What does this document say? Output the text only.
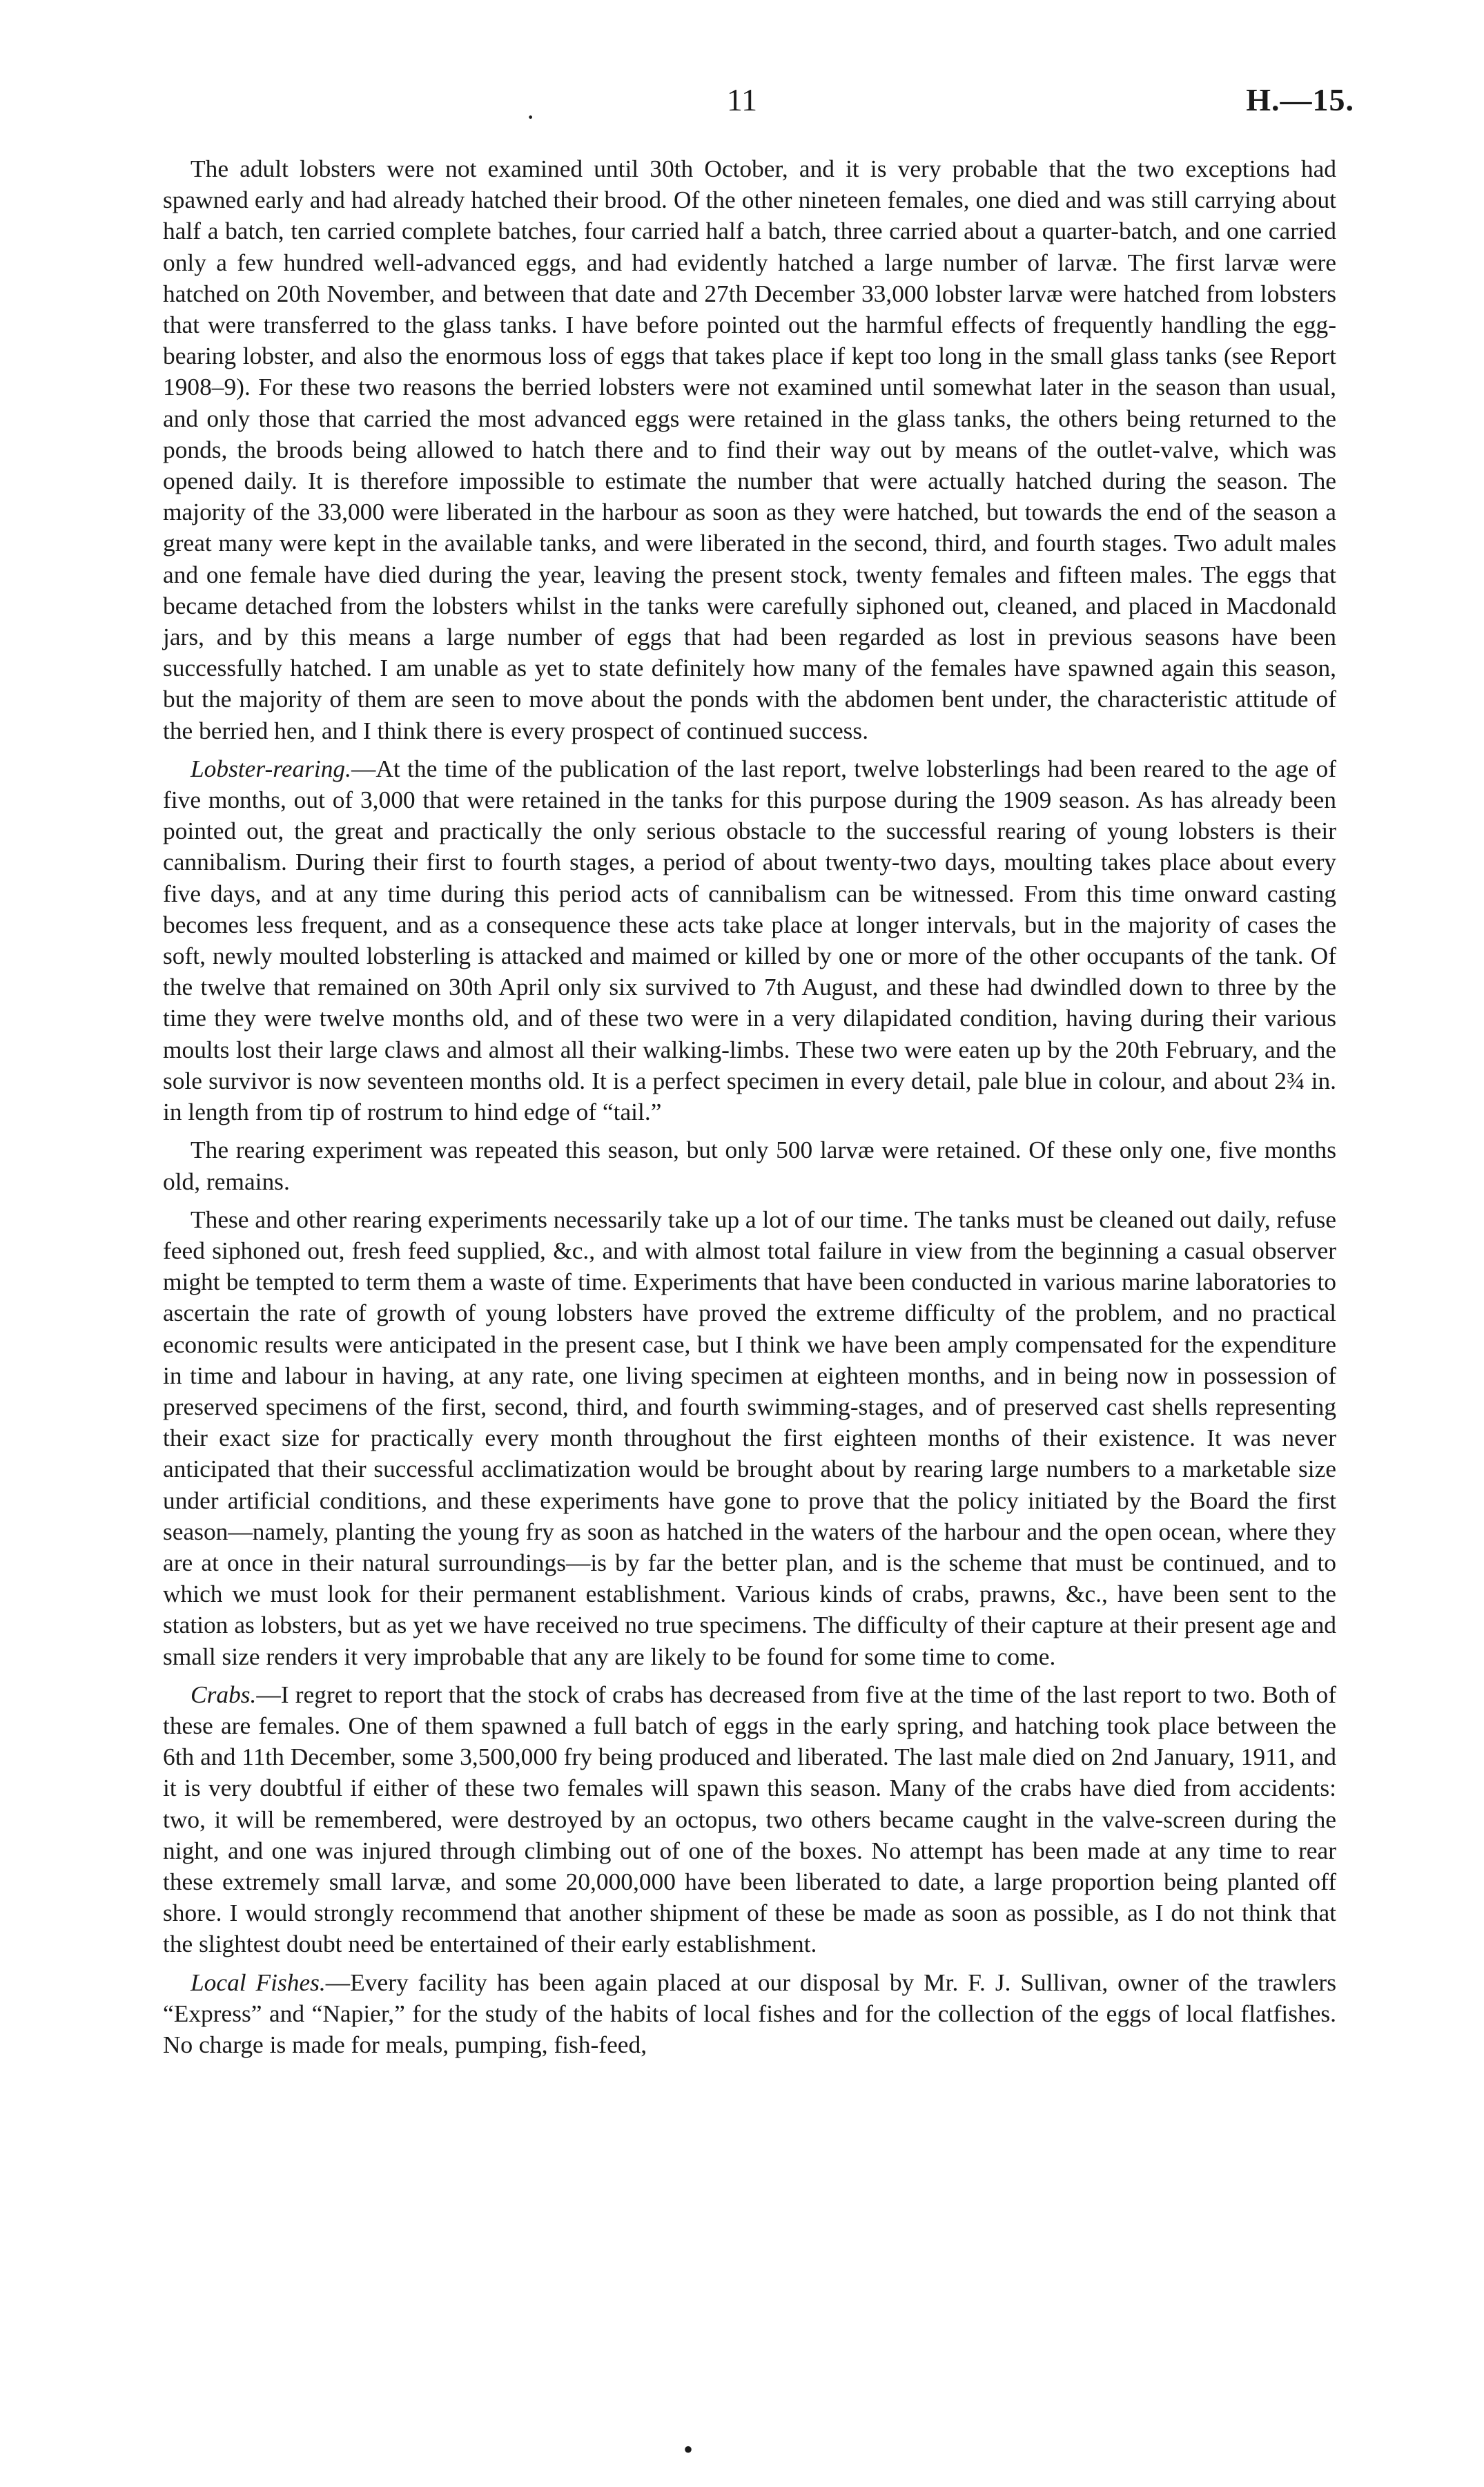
11	H.—15.
·

The adult lobsters were not examined until 30th October, and it is very probable that the two exceptions had spawned early and had already hatched their brood. Of the other nineteen females, one died and was still carrying about half a batch, ten carried complete batches, four carried half a batch, three carried about a quarter-batch, and one carried only a few hundred well-advanced eggs, and had evidently hatched a large number of larvæ. The first larvæ were hatched on 20th November, and between that date and 27th December 33,000 lobster larvæ were hatched from lobsters that were transferred to the glass tanks. I have before pointed out the harmful effects of frequently handling the egg-bearing lobster, and also the enormous loss of eggs that takes place if kept too long in the small glass tanks (see Report 1908–9). For these two reasons the berried lobsters were not examined until somewhat later in the season than usual, and only those that carried the most advanced eggs were retained in the glass tanks, the others being returned to the ponds, the broods being allowed to hatch there and to find their way out by means of the outlet-valve, which was opened daily. It is therefore impossible to estimate the number that were actually hatched during the season. The majority of the 33,000 were liberated in the harbour as soon as they were hatched, but towards the end of the season a great many were kept in the available tanks, and were liberated in the second, third, and fourth stages. Two adult males and one female have died during the year, leaving the present stock, twenty females and fifteen males. The eggs that became detached from the lobsters whilst in the tanks were carefully siphoned out, cleaned, and placed in Macdonald jars, and by this means a large number of eggs that had been regarded as lost in previous seasons have been successfully hatched. I am unable as yet to state definitely how many of the females have spawned again this season, but the majority of them are seen to move about the ponds with the abdomen bent under, the characteristic attitude of the berried hen, and I think there is every prospect of continued success.

Lobster-rearing.—At the time of the publication of the last report, twelve lobsterlings had been reared to the age of five months, out of 3,000 that were retained in the tanks for this purpose during the 1909 season. As has already been pointed out, the great and practically the only serious obstacle to the successful rearing of young lobsters is their cannibalism. During their first to fourth stages, a period of about twenty-two days, moulting takes place about every five days, and at any time during this period acts of cannibalism can be witnessed. From this time onward casting becomes less frequent, and as a consequence these acts take place at longer intervals, but in the majority of cases the soft, newly moulted lobsterling is attacked and maimed or killed by one or more of the other occupants of the tank. Of the twelve that remained on 30th April only six survived to 7th August, and these had dwindled down to three by the time they were twelve months old, and of these two were in a very dilapidated condition, having during their various moults lost their large claws and almost all their walking-limbs. These two were eaten up by the 20th February, and the sole survivor is now seventeen months old. It is a perfect specimen in every detail, pale blue in colour, and about 2¾ in. in length from tip of rostrum to hind edge of “tail.”

The rearing experiment was repeated this season, but only 500 larvæ were retained. Of these only one, five months old, remains.

These and other rearing experiments necessarily take up a lot of our time. The tanks must be cleaned out daily, refuse feed siphoned out, fresh feed supplied, &c., and with almost total failure in view from the beginning a casual observer might be tempted to term them a waste of time. Experiments that have been conducted in various marine laboratories to ascertain the rate of growth of young lobsters have proved the extreme difficulty of the problem, and no practical economic results were anticipated in the present case, but I think we have been amply compensated for the expenditure in time and labour in having, at any rate, one living specimen at eighteen months, and in being now in possession of preserved specimens of the first, second, third, and fourth swimming-stages, and of preserved cast shells representing their exact size for practically every month throughout the first eighteen months of their existence. It was never anticipated that their successful acclimatization would be brought about by rearing large numbers to a marketable size under artificial conditions, and these experiments have gone to prove that the policy initiated by the Board the first season—namely, planting the young fry as soon as hatched in the waters of the harbour and the open ocean, where they are at once in their natural surroundings—is by far the better plan, and is the scheme that must be continued, and to which we must look for their permanent establishment. Various kinds of crabs, prawns, &c., have been sent to the station as lobsters, but as yet we have received no true specimens. The difficulty of their capture at their present age and small size renders it very improbable that any are likely to be found for some time to come.

Crabs.—I regret to report that the stock of crabs has decreased from five at the time of the last report to two. Both of these are females. One of them spawned a full batch of eggs in the early spring, and hatching took place between the 6th and 11th December, some 3,500,000 fry being produced and liberated. The last male died on 2nd January, 1911, and it is very doubtful if either of these two females will spawn this season. Many of the crabs have died from accidents: two, it will be remembered, were destroyed by an octopus, two others became caught in the valve-screen during the night, and one was injured through climbing out of one of the boxes. No attempt has been made at any time to rear these extremely small larvæ, and some 20,000,000 have been liberated to date, a large proportion being planted off shore. I would strongly recommend that another shipment of these be made as soon as possible, as I do not think that the slightest doubt need be entertained of their early establishment.

Local Fishes.—Every facility has been again placed at our disposal by Mr. F. J. Sullivan, owner of the trawlers “Express” and “Napier,” for the study of the habits of local fishes and for the collection of the eggs of local flatfishes. No charge is made for meals, pumping, fish-feed,

•
